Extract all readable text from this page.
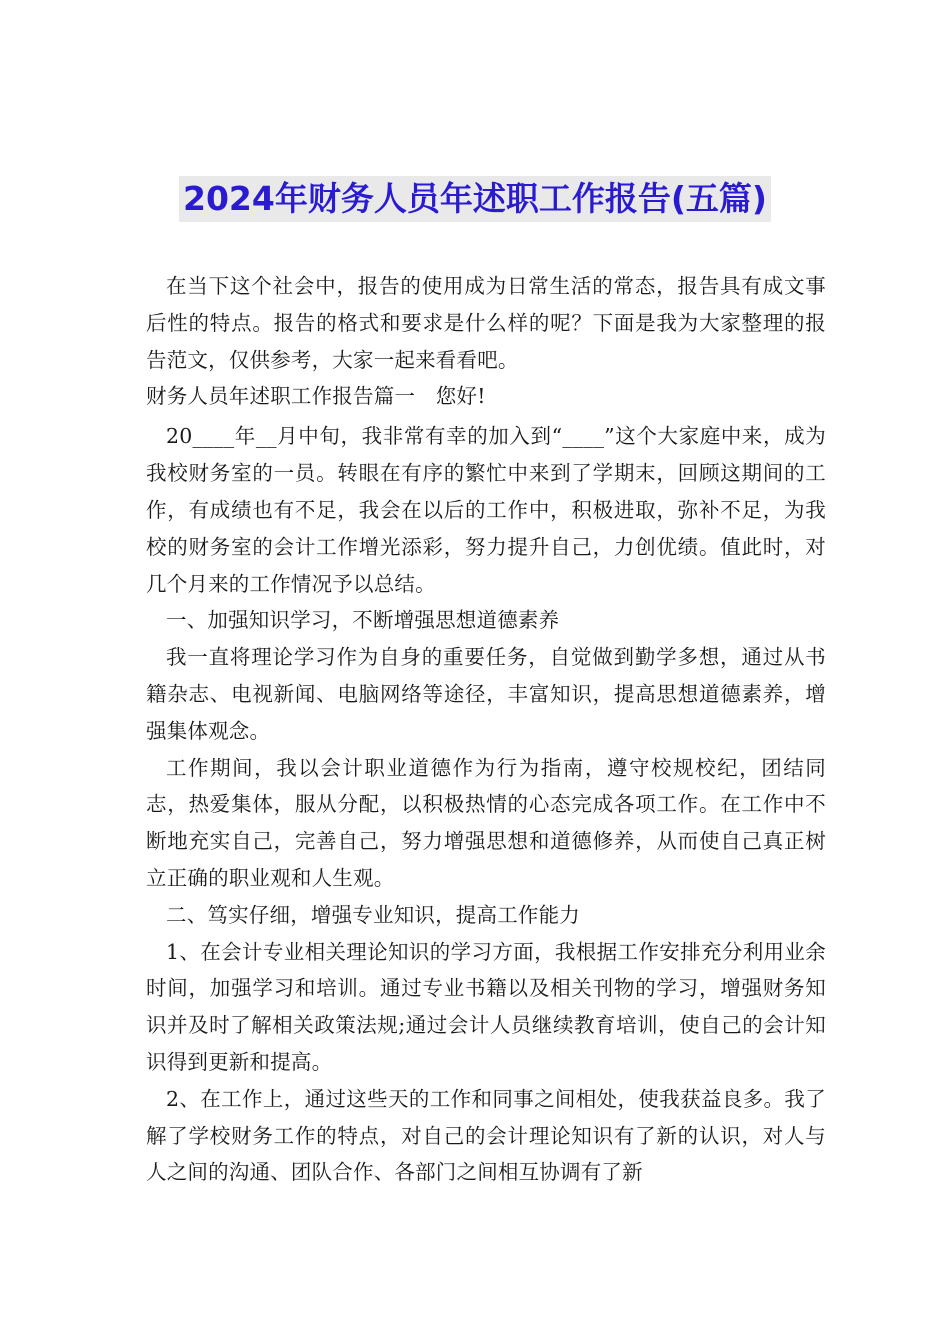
2024年财务人员年述职工作报告(五篇)

在当下这个社会中，报告的使用成为日常生活的常态，报告具有成文事后性的特点。报告的格式和要求是什么样的呢？下面是我为大家整理的报告范文，仅供参考，大家一起来看看吧。

财务人员年述职工作报告篇一　您好!

20____年__月中旬，我非常有幸的加入到“____”这个大家庭中来，成为我校财务室的一员。转眼在有序的繁忙中来到了学期末，回顾这期间的工作，有成绩也有不足，我会在以后的工作中，积极进取，弥补不足，为我校的财务室的会计工作增光添彩，努力提升自己，力创优绩。值此时，对几个月来的工作情况予以总结。

一、加强知识学习，不断增强思想道德素养

我一直将理论学习作为自身的重要任务，自觉做到勤学多想，通过从书籍杂志、电视新闻、电脑网络等途径，丰富知识，提高思想道德素养，增强集体观念。

工作期间，我以会计职业道德作为行为指南，遵守校规校纪，团结同志，热爱集体，服从分配，以积极热情的心态完成各项工作。在工作中不断地充实自己，完善自己，努力增强思想和道德修养，从而使自己真正树立正确的职业观和人生观。

二、笃实仔细，增强专业知识，提高工作能力

1、在会计专业相关理论知识的学习方面，我根据工作安排充分利用业余时间，加强学习和培训。通过专业书籍以及相关刊物的学习，增强财务知识并及时了解相关政策法规;通过会计人员继续教育培训，使自己的会计知识得到更新和提高。

2、在工作上，通过这些天的工作和同事之间相处，使我获益良多。我了解了学校财务工作的特点，对自己的会计理论知识有了新的认识，对人与人之间的沟通、团队合作、各部门之间相互协调有了新
